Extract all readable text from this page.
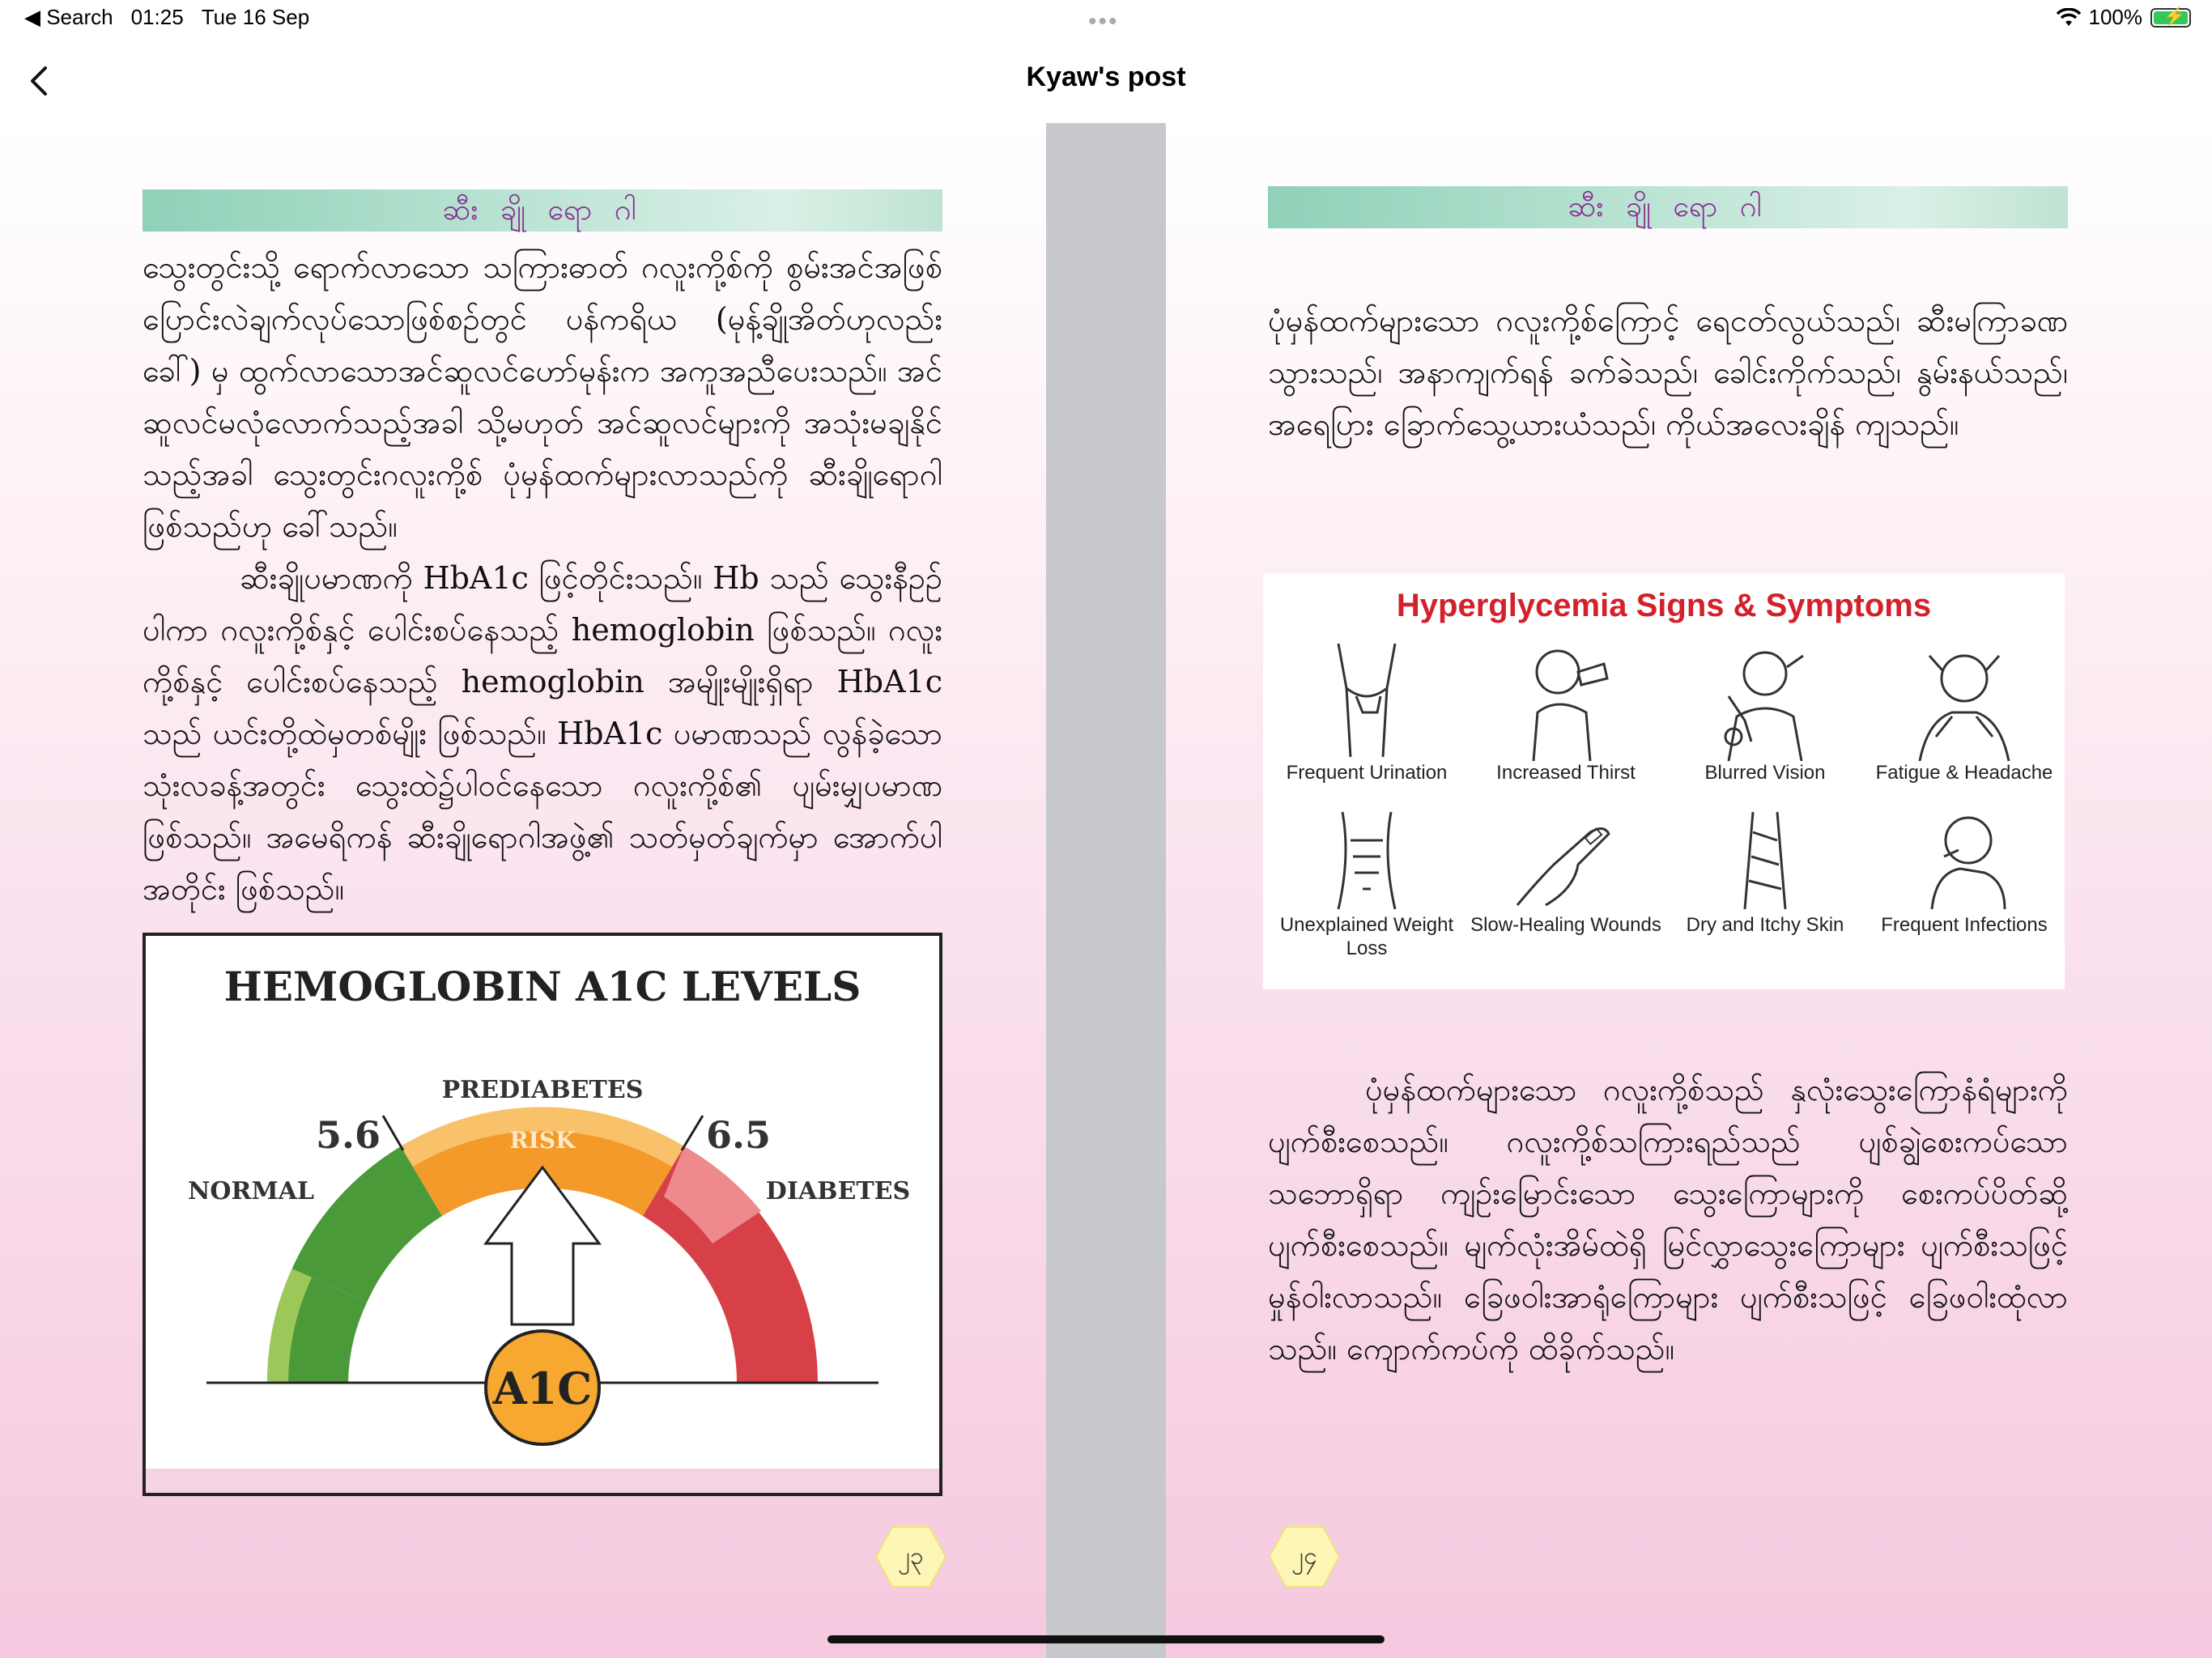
◀ Search 01:25 Tue 16 Sep	•••	100% ⚡
Kyaw's post
ဆီး ချို ရော ဂါ

သွေးတွင်းသို့ ရောက်လာသော သကြားဓာတ် ဂလူးကို့စ်ကို စွမ်းအင်အဖြစ် ပြောင်းလဲချက်လုပ်သောဖြစ်စဉ်တွင် ပန်ကရိယ (မုန့်ချိုအိတ်ဟုလည်းခေါ်) မှ ထွက်လာသောအင်ဆူလင်ဟော်မုန်းက အကူအညီပေးသည်။ အင်ဆူလင်မလုံလောက်သည့်အခါ သို့မဟုတ် အင်ဆူလင်များကို အသုံးမချနိုင်သည့်အခါ သွေးတွင်းဂလူးကို့စ် ပုံမှန်ထက်များလာသည်ကို ဆီးချိုရောဂါဖြစ်သည်ဟု ခေါ်သည်။

ဆီးချိုပမာဏကို HbA1c ဖြင့်တိုင်းသည်။ Hb သည် သွေးနီဥဥ်ပါကာ ဂလူးကို့စ်နှင့် ပေါင်းစပ်နေသည့် hemoglobin ဖြစ်သည်။ ဂလူးကို့စ်နှင့် ပေါင်းစပ်နေသည့် hemoglobin အမျိုးမျိုးရှိရာ HbA1c သည် ယင်းတို့ထဲမှတစ်မျိုး ဖြစ်သည်။ HbA1c ပမာဏသည် လွန်ခဲ့သော သုံးလခန့်အတွင်း သွေးထဲ၌ပါဝင်နေသော ဂလူးကို့စ်၏ ပျမ်းမျှပမာဏ ဖြစ်သည်။ အမေရိကန် ဆီးချိုရောဂါအဖွဲ့၏ သတ်မှတ်ချက်မှာ အောက်ပါအတိုင်း ဖြစ်သည်။

၂၃
HEMOGLOBIN A1C LEVELS
5.6	6.5
PREDIABETES
RISK
NORMAL	DIABETES
A1C
ဆီး ချို ရော ဂါ
ပုံမှန်ထက်များသော ဂလူးကို့စ်ကြောင့် ရေငတ်လွယ်သည်၊ ဆီးမကြာခဏသွားသည်၊ အနာကျက်ရန် ခက်ခဲသည်၊ ခေါင်းကိုက်သည်၊ နွမ်းနယ်သည်၊ အရေပြား ခြောက်သွေ့ယားယံသည်၊ ကိုယ်အလေးချိန် ကျသည်။
ပုံမှန်ထက်များသော ဂလူးကို့စ်သည် နှလုံးသွေးကြောနံရံများကို ပျက်စီးစေသည်။ ဂလူးကို့စ်သကြားရည်သည် ပျစ်ချွဲစေးကပ်သော သဘောရှိရာ ကျဉ်းမြောင်းသော သွေးကြောများကို စေးကပ်ပိတ်ဆို့ ပျက်စီးစေသည်။ မျက်လုံးအိမ်ထဲရှိ မြင်လွှာသွေးကြောများ ပျက်စီးသဖြင့် မှုန်ဝါးလာသည်။ ခြေဖဝါးအာရုံကြောများ ပျက်စီးသဖြင့် ခြေဖဝါးထုံလာသည်။ ကျောက်ကပ်ကို ထိခိုက်သည်။
၂၄
Hyperglycemia Signs & Symptoms
Frequent Urination	Increased Thirst	Blurred Vision	Fatigue & Headache
Unexplained Weight Loss
Slow-Healing Wounds	Dry and Itchy Skin	Frequent Infections
